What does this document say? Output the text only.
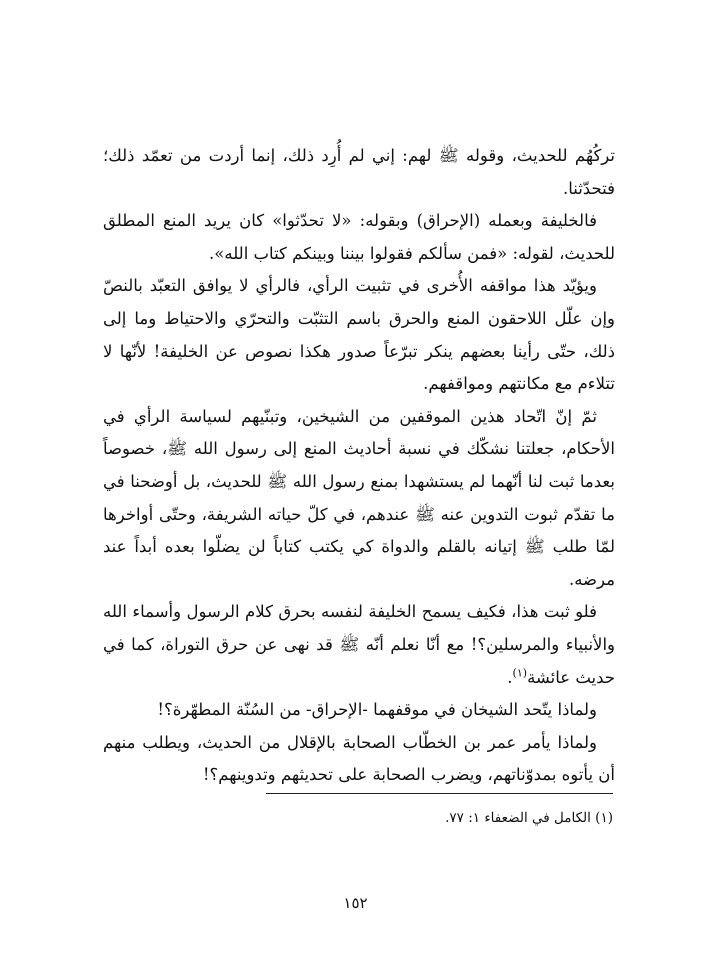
تركُهُم للحديث، وقوله ﷺ لهم: إني لم أُرِد ذلك، إنما أردت من تعمّد ذلك؛ فتحدّثنا.

فالخليفة وبعمله (الإحراق) وبقوله: «لا تحدّثوا» كان يريد المنع المطلق للحديث، لقوله: «فمن سألكم فقولوا بيننا وبينكم كتاب الله».

ويؤيّد هذا مواقفه الأُخرى في تثبيت الرأي، فالرأي لا يوافق التعبّد بالنصّ وإن علّل اللاحقون المنع والحرق باسم التثبّت والتحرّي والاحتياط وما إلى ذلك، حتّى رأينا بعضهم ينكر تبرّعاً صدور هكذا نصوص عن الخليفة! لأنّها لا تتلاءم مع مكانتهم ومواقفهم.

ثمّ إنّ اتّحاد هذين الموقفين من الشيخين، وتبنّيهم لسياسة الرأي في الأحكام، جعلتنا نشكّك في نسبة أحاديث المنع إلى رسول الله ﷺ، خصوصاً بعدما ثبت لنا أنّهما لم يستشهدا بمنع رسول الله ﷺ للحديث، بل أوضحنا في ما تقدّم ثبوت التدوين عنه ﷺ عندهم، في كلّ حياته الشريفة، وحتّى أواخرها لمّا طلب ﷺ إتيانه بالقلم والدواة كي يكتب كتاباً لن يضلّوا بعده أبداً عند مرضه.

فلو ثبت هذا، فكيف يسمح الخليفة لنفسه بحرق كلام الرسول وأسماء الله والأنبياء والمرسلين؟! مع أنّا نعلم أنّه ﷺ قد نهى عن حرق التوراة، كما في حديث عائشة$^{(١)}$.

ولماذا يتّحد الشيخان في موقفهما -الإحراق- من السُنّة المطهّرة؟!

ولماذا يأمر عمر بن الخطّاب الصحابة بالإقلال من الحديث، ويطلب منهم أن يأتوه بمدوّناتهم، ويضرب الصحابة على تحديثهم وتدوينهم؟!

(١) الكامل في الضعفاء ١: ٧٧.
١٥٢
